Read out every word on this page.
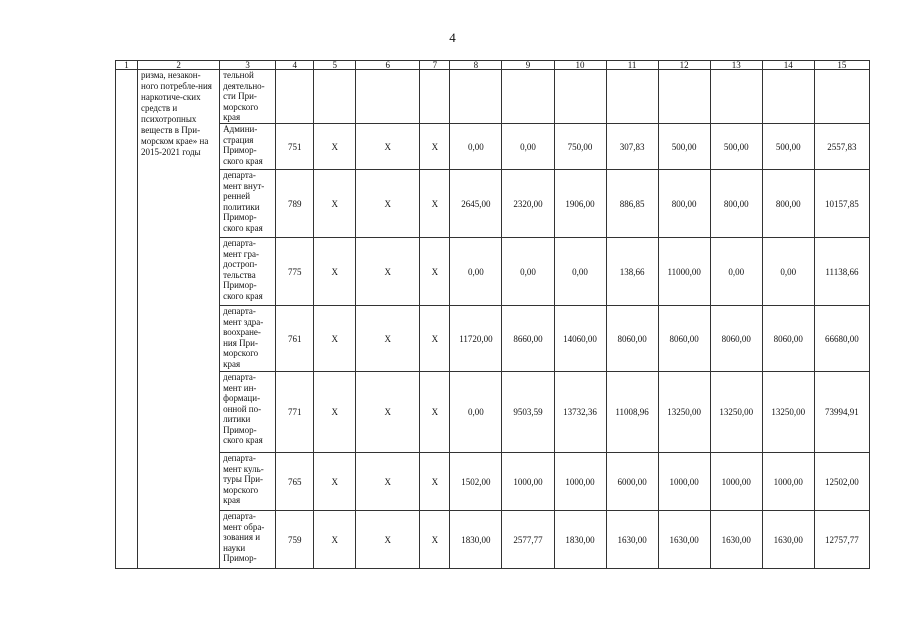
4
1	2	3	4	5	6	7	8	9	10	11	12	13	14	15
	ризма, незакон-ного потребле-ния наркотиче-ских средств и психотропных веществ в При-морском крае» на 2015-2021 годы	тельной деятельно-сти При-морского края												
		Админи-страция Примор-ского края	751	X	X	X	0,00	0,00	750,00	307,83	500,00	500,00	500,00	2557,83
		департа-мент внут-ренней политики Примор-ского края	789	X	X	X	2645,00	2320,00	1906,00	886,85	800,00	800,00	800,00	10157,85
		департа-мент гра-достроп-тельства Примор-ского края	775	X	X	X	0,00	0,00	0,00	138,66	11000,00	0,00	0,00	11138,66
		департа-мент здра-воохране-ния При-морского края	761	X	X	X	11720,00	8660,00	14060,00	8060,00	8060,00	8060,00	8060,00	66680,00
		департа-мент ин-формаци-онной по-литики Примор-ского края	771	X	X	X	0,00	9503,59	13732,36	11008,96	13250,00	13250,00	13250,00	73994,91
		департа-мент куль-туры При-морского края	765	X	X	X	1502,00	1000,00	1000,00	6000,00	1000,00	1000,00	1000,00	12502,00
		департа-мент обра-зования и науки Примор-	759	X	X	X	1830,00	2577,77	1830,00	1630,00	1630,00	1630,00	1630,00	12757,77
